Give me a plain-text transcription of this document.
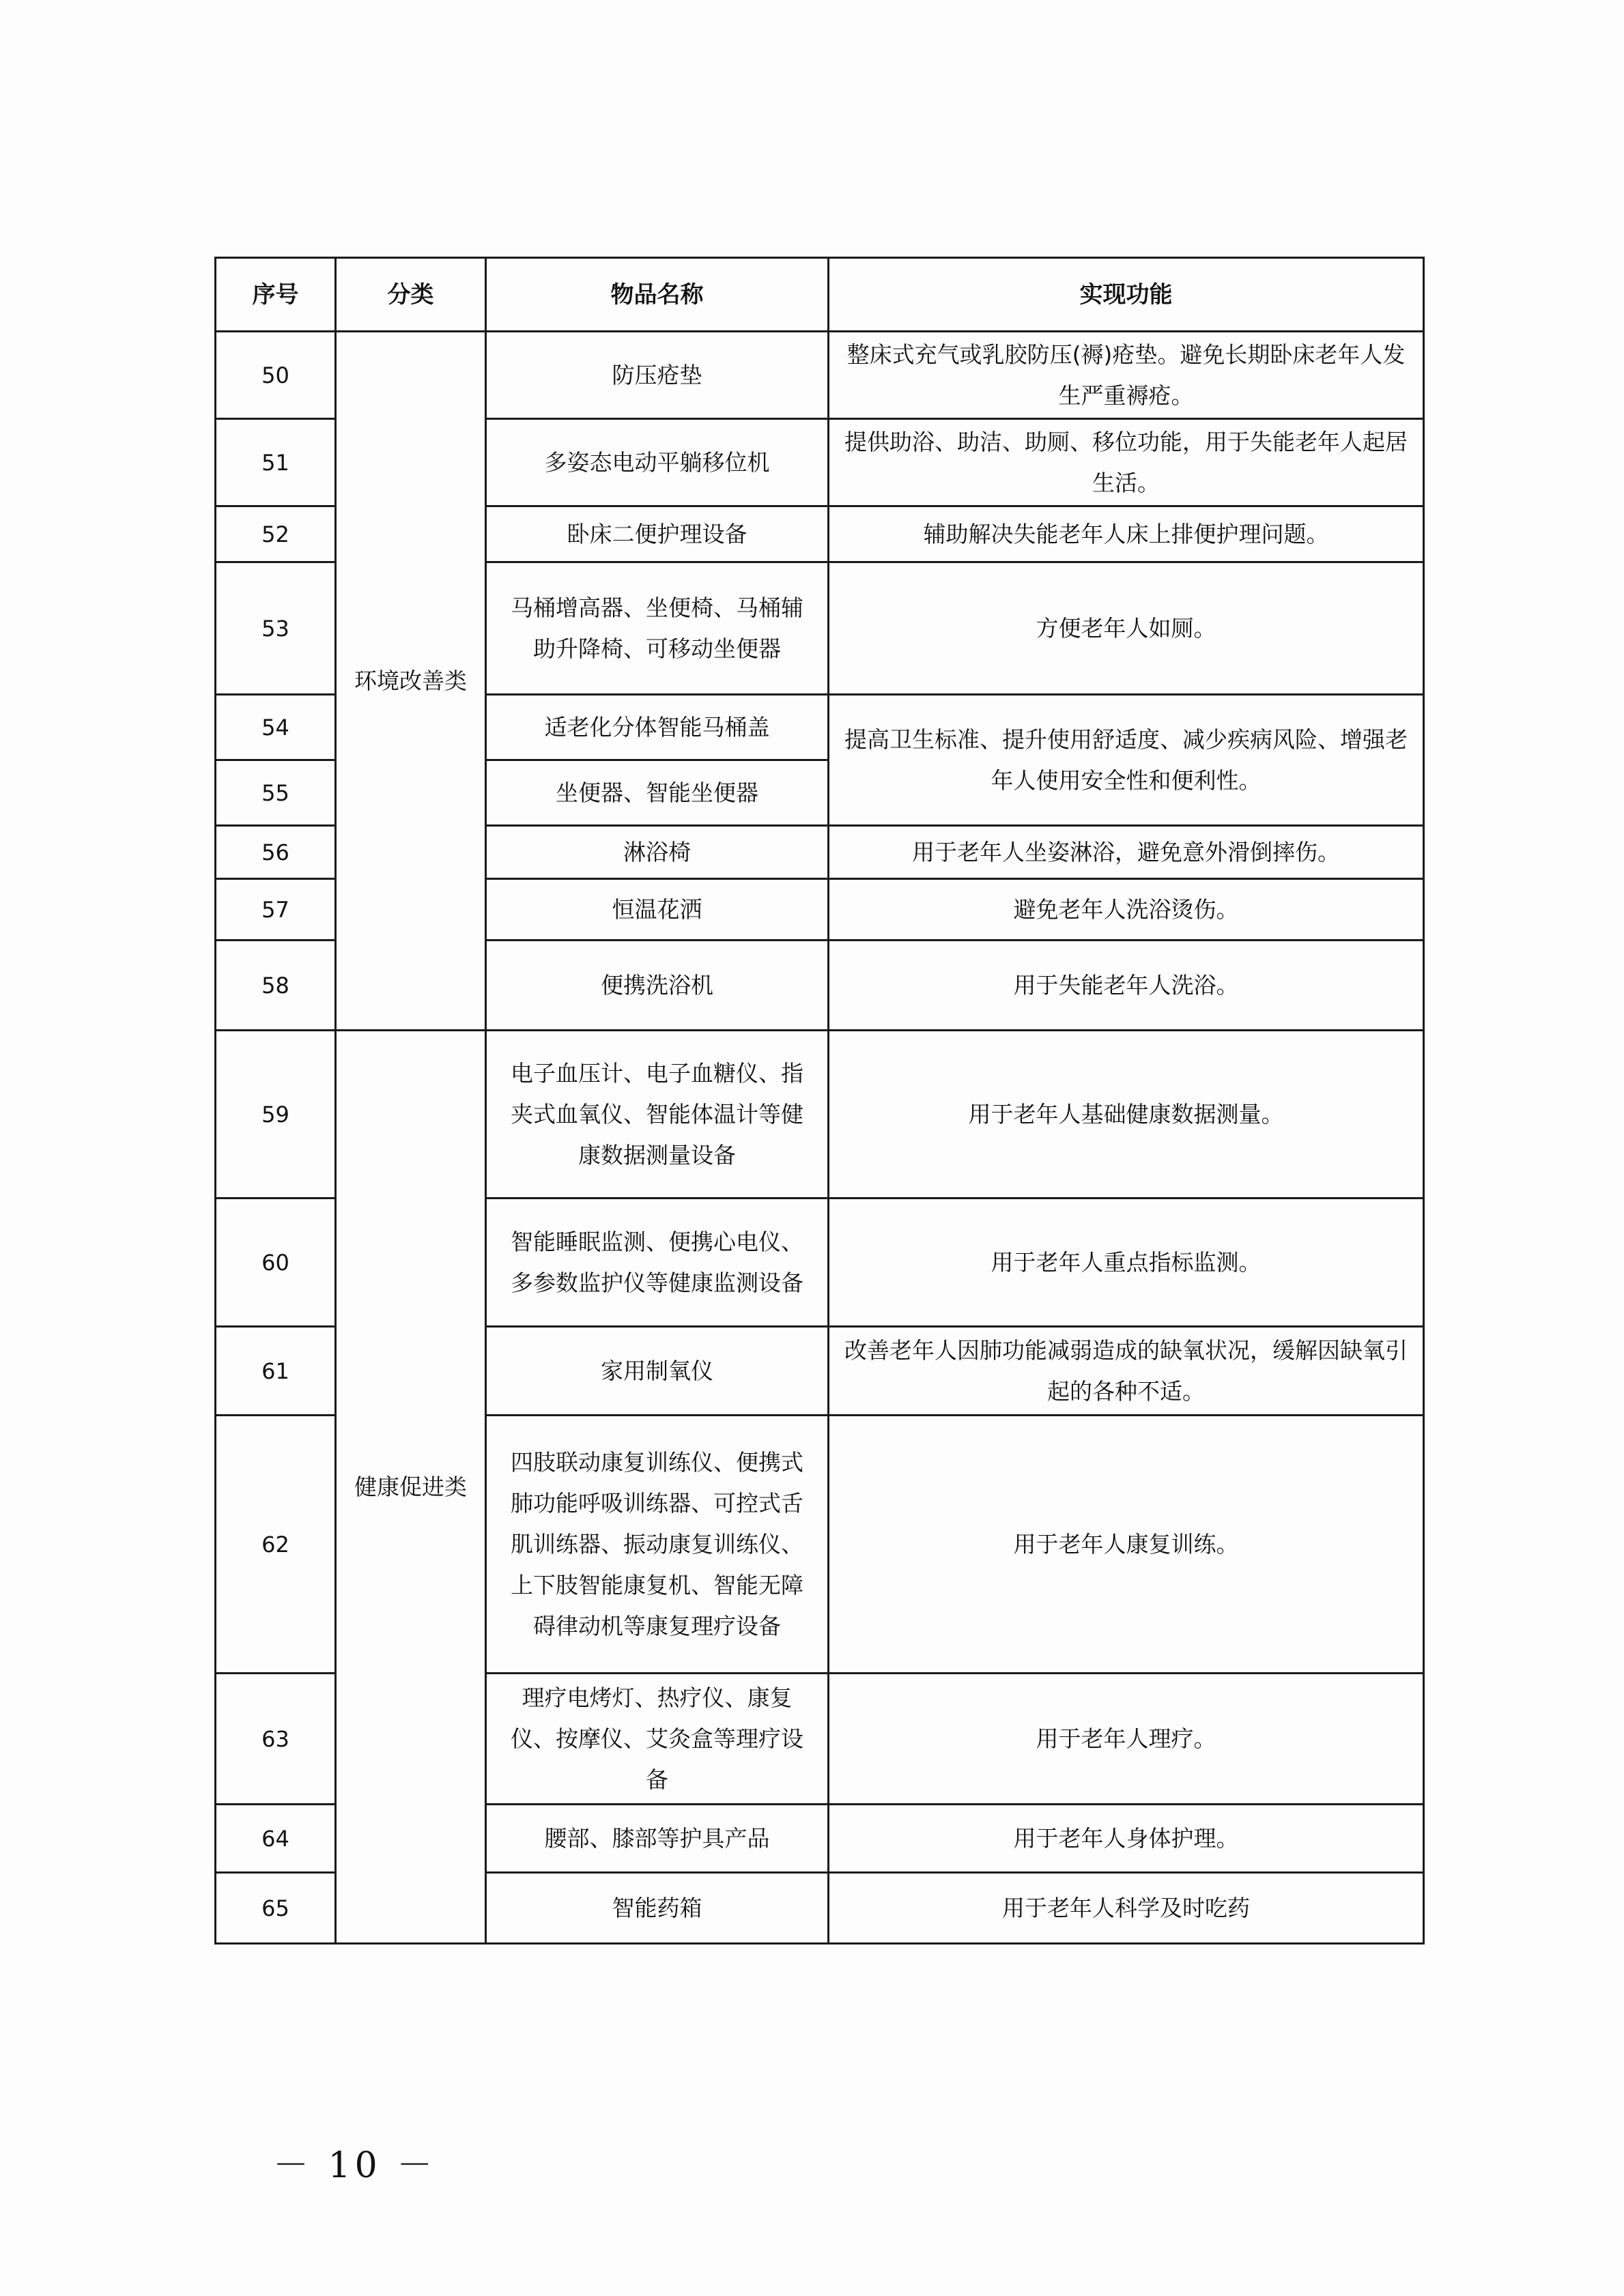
序号	分类	物品名称	实现功能
50	环境改善类	防压疮垫	整床式充气或乳胶防压(褥)疮垫。避免长期卧床老年人发生严重褥疮。
51		多姿态电动平躺移位机	提供助浴、助洁、助厕、移位功能，用于失能老年人起居生活。
52		卧床二便护理设备	辅助解决失能老年人床上排便护理问题。
53		马桶增高器、坐便椅、马桶辅助升降椅、可移动坐便器	方便老年人如厕。
54		适老化分体智能马桶盖	提高卫生标准、提升使用舒适度、减少疾病风险、增强老年人使用安全性和便利性。
55		坐便器、智能坐便器	
56		淋浴椅	用于老年人坐姿淋浴，避免意外滑倒摔伤。
57		恒温花洒	避免老年人洗浴烫伤。
58		便携洗浴机	用于失能老年人洗浴。
59	健康促进类	电子血压计、电子血糖仪、指夹式血氧仪、智能体温计等健康数据测量设备	用于老年人基础健康数据测量。
60		智能睡眠监测、便携心电仪、多参数监护仪等健康监测设备	用于老年人重点指标监测。
61		家用制氧仪	改善老年人因肺功能减弱造成的缺氧状况，缓解因缺氧引起的各种不适。
62		四肢联动康复训练仪、便携式肺功能呼吸训练器、可控式舌肌训练器、振动康复训练仪、上下肢智能康复机、智能无障碍律动机等康复理疗设备	用于老年人康复训练。
63		理疗电烤灯、热疗仪、康复仪、按摩仪、艾灸盒等理疗设备	用于老年人理疗。
64		腰部、膝部等护具产品	用于老年人身体护理。
65		智能药箱	用于老年人科学及时吃药
－ 10 －
